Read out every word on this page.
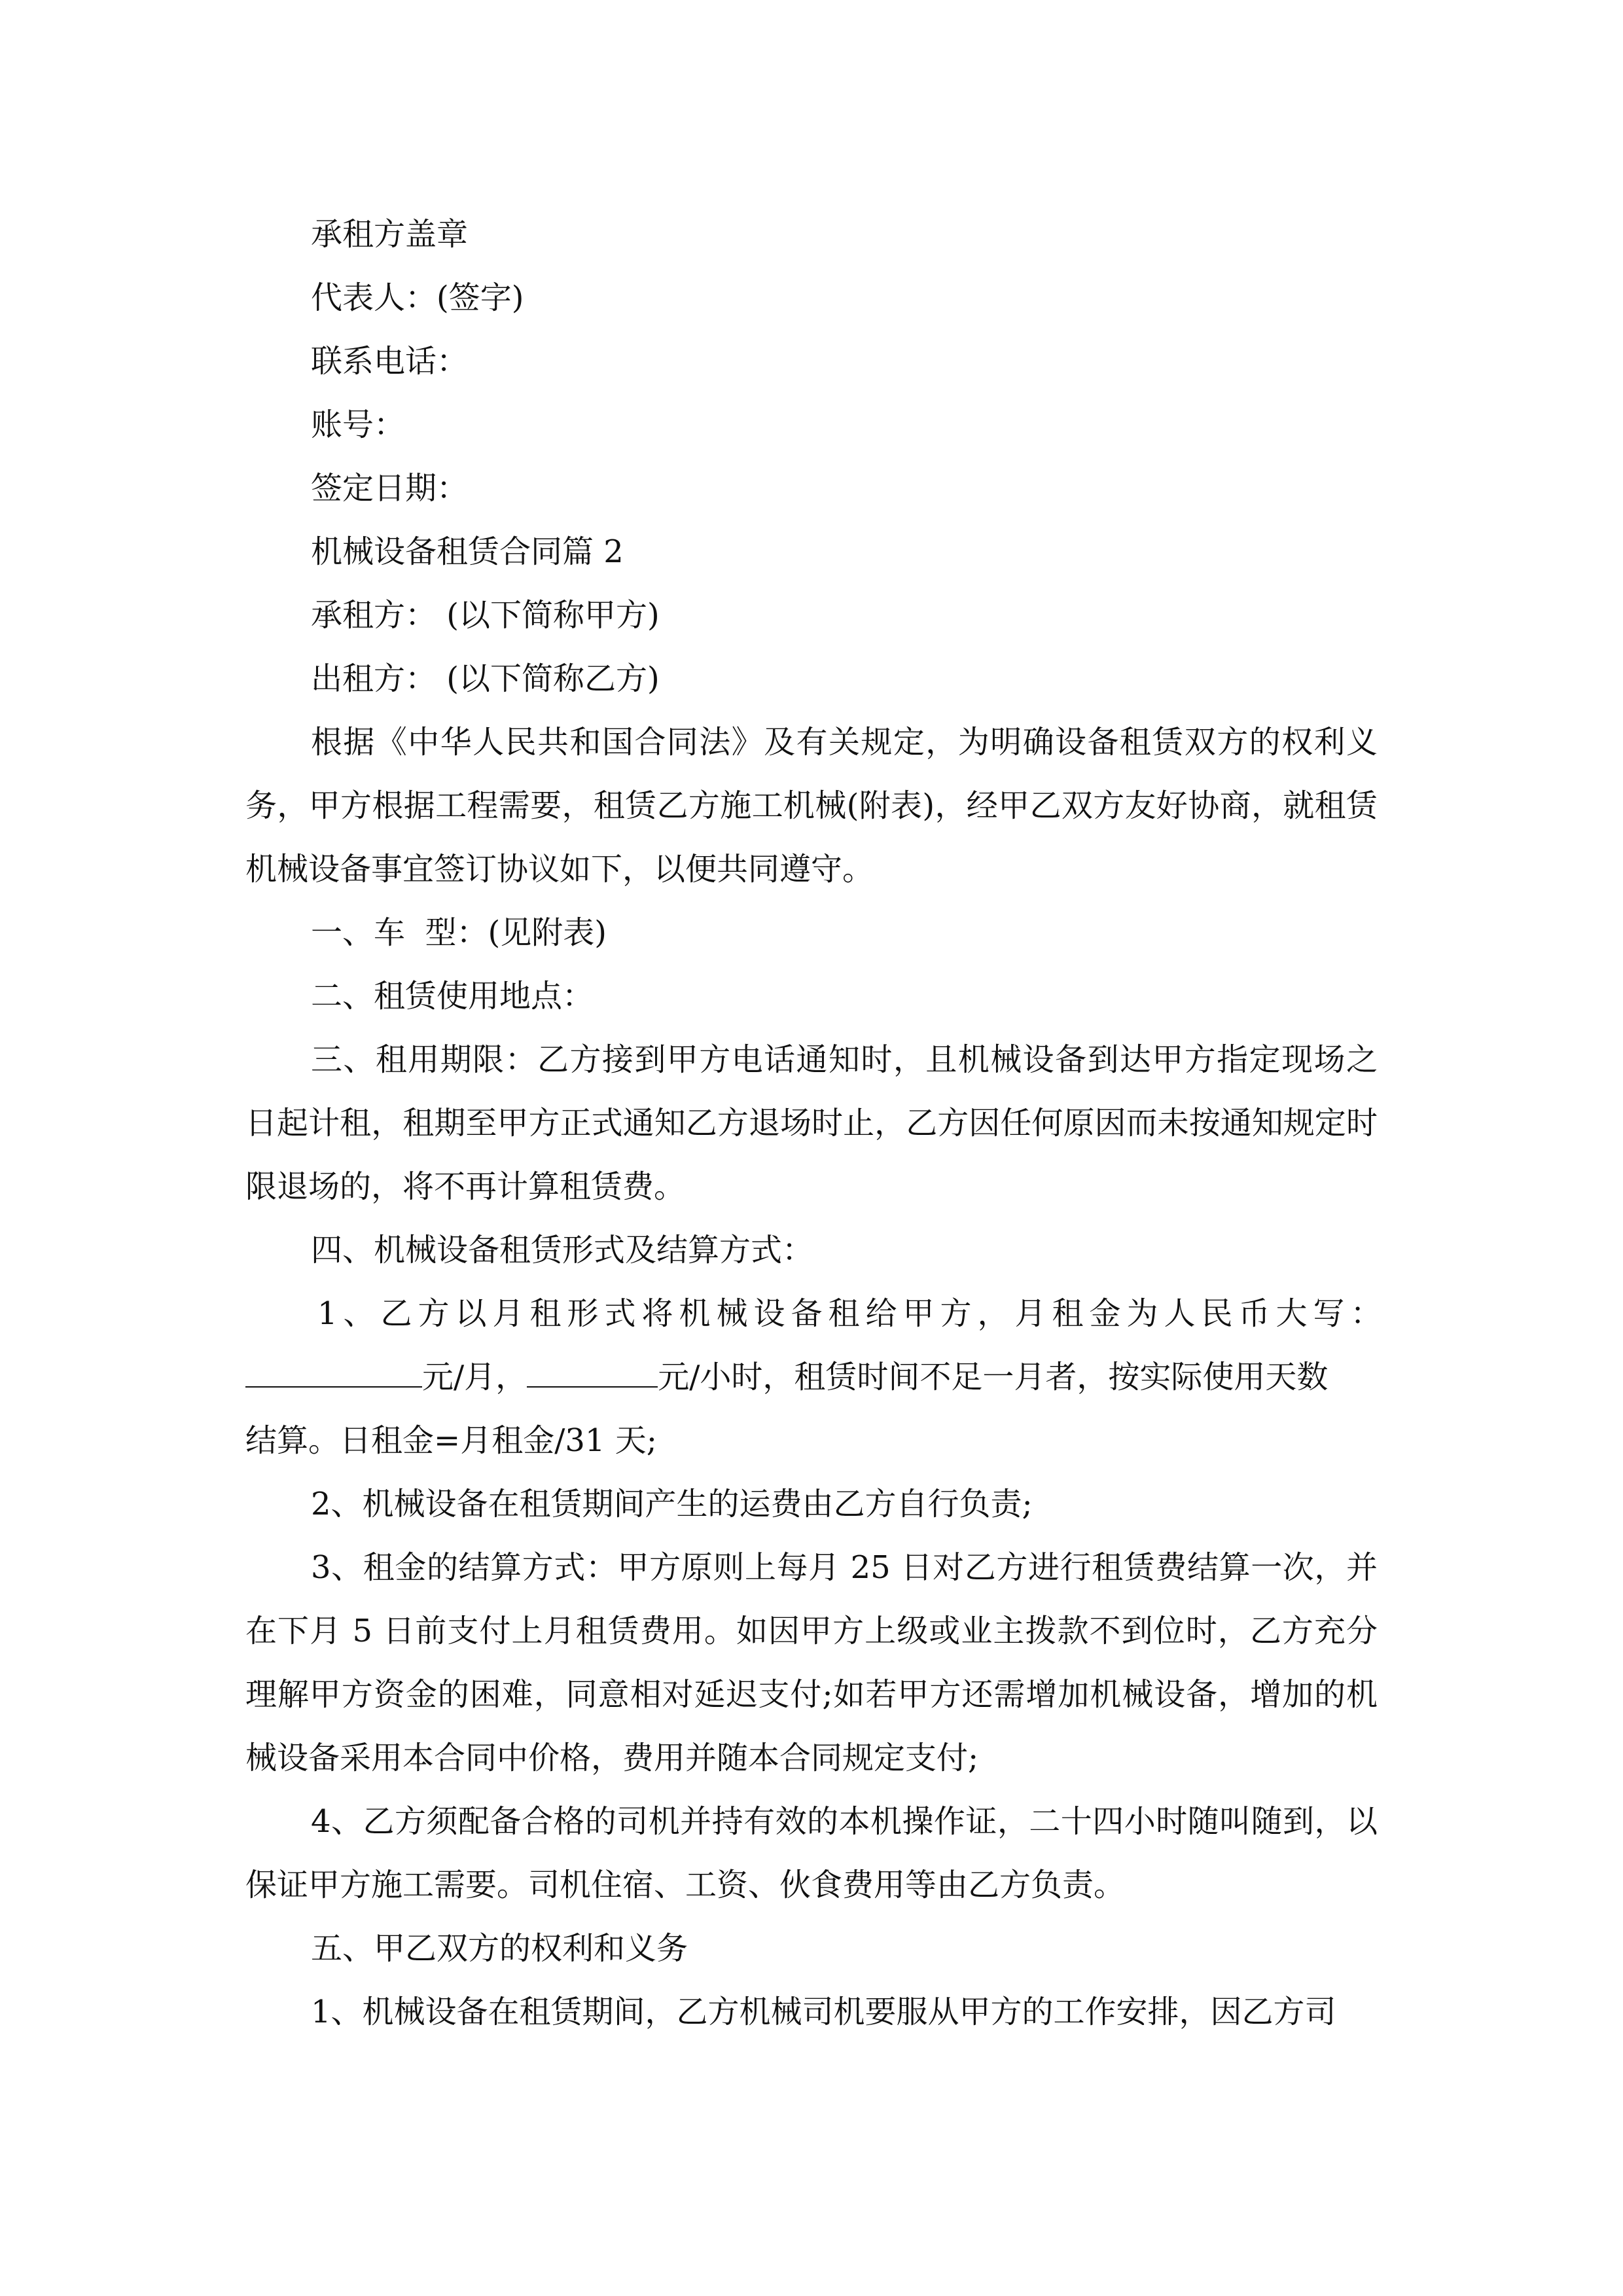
承租方盖章

代表人：(签字)

联系电话：

账号：

签定日期：

机械设备租赁合同篇 2

承租方： (以下简称甲方)

出租方： (以下简称乙方)

根据《中华人民共和国合同法》及有关规定，为明确设备租赁双方的权利义务，甲方根据工程需要，租赁乙方施工机械(附表)，经甲乙双方友好协商，就租赁机械设备事宜签订协议如下，以便共同遵守。

一、车  型：(见附表)

二、租赁使用地点：

三、租用期限：乙方接到甲方电话通知时，且机械设备到达甲方指定现场之日起计租，租期至甲方正式通知乙方退场时止，乙方因任何原因而未按通知规定时限退场的，将不再计算租赁费。

四、机械设备租赁形式及结算方式：

1、乙方以月租形式将机械设备租给甲方，月租金为人民币大写：

元/月，	元/小时，租赁时间不足一月者，按实际使用天数

结算。日租金=月租金/31 天;

2、机械设备在租赁期间产生的运费由乙方自行负责;

3、租金的结算方式：甲方原则上每月 25 日对乙方进行租赁费结算一次，并在下月 5 日前支付上月租赁费用。如因甲方上级或业主拨款不到位时，乙方充分理解甲方资金的困难，同意相对延迟支付;如若甲方还需增加机械设备，增加的机械设备采用本合同中价格，费用并随本合同规定支付;

4、乙方须配备合格的司机并持有效的本机操作证，二十四小时随叫随到，以保证甲方施工需要。司机住宿、工资、伙食费用等由乙方负责。

五、甲乙双方的权利和义务

1、机械设备在租赁期间，乙方机械司机要服从甲方的工作安排，因乙方司
